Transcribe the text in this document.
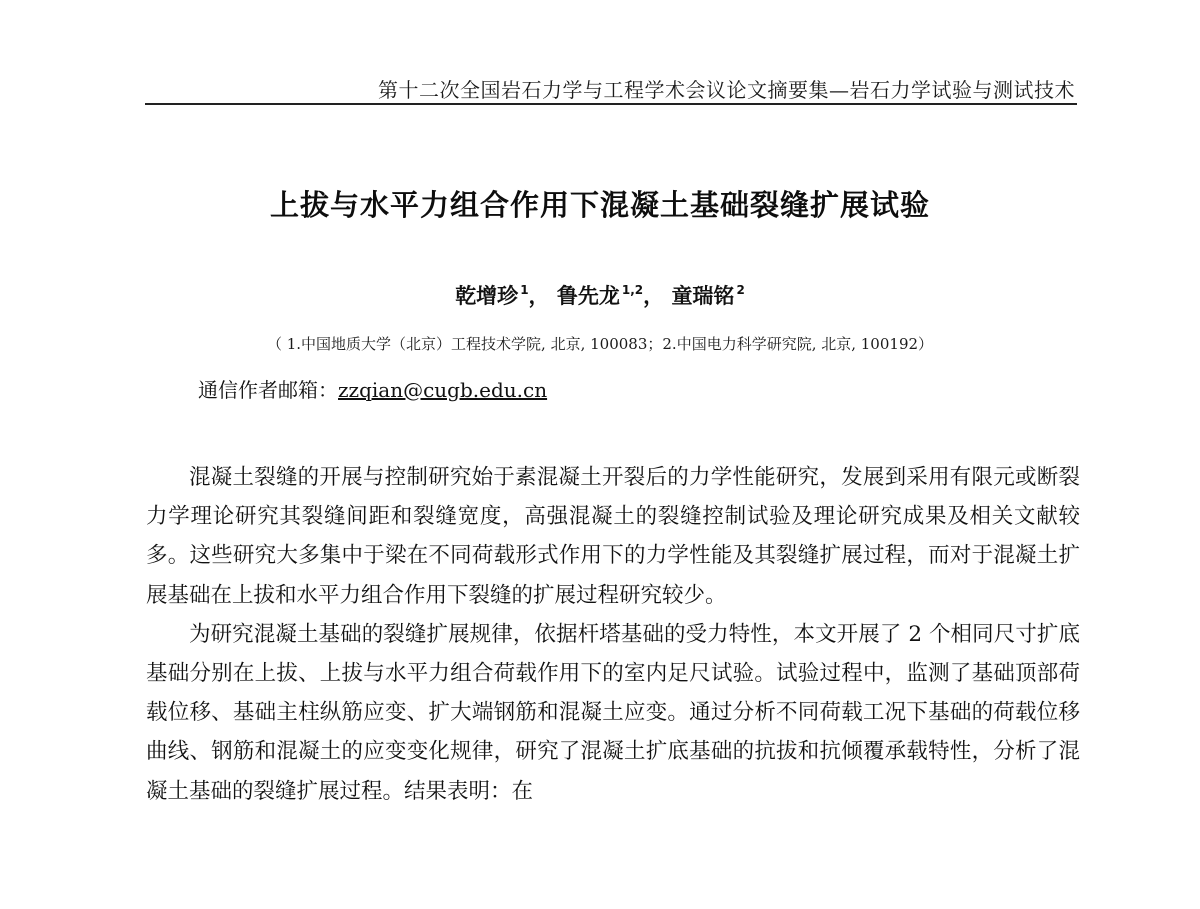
第十二次全国岩石力学与工程学术会议论文摘要集—岩石力学试验与测试技术
上拔与水平力组合作用下混凝土基础裂缝扩展试验
乾增珍 $^1$， 鲁先龙 $^{1,2}$， 童瑞铭 $^2$
（ 1.中国地质大学（北京）工程技术学院, 北京, 100083；2.中国电力科学研究院, 北京, 100192）
通信作者邮箱：zzqian@cugb.edu.cn

混凝土裂缝的开展与控制研究始于素混凝土开裂后的力学性能研究，发展到采用有限元或断裂力学理论研究其裂缝间距和裂缝宽度，高强混凝土的裂缝控制试验及理论研究成果及相关文献较多。这些研究大多集中于梁在不同荷载形式作用下的力学性能及其裂缝扩展过程，而对于混凝土扩展基础在上拔和水平力组合作用下裂缝的扩展过程研究较少。

为研究混凝土基础的裂缝扩展规律，依据杆塔基础的受力特性，本文开展了 2 个相同尺寸扩底基础分别在上拔、上拔与水平力组合荷载作用下的室内足尺试验。试验过程中，监测了基础顶部荷载位移、基础主柱纵筋应变、扩大端钢筋和混凝土应变。通过分析不同荷载工况下基础的荷载位移曲线、钢筋和混凝土的应变变化规律，研究了混凝土扩底基础的抗拔和抗倾覆承载特性，分析了混凝土基础的裂缝扩展过程。结果表明：在
